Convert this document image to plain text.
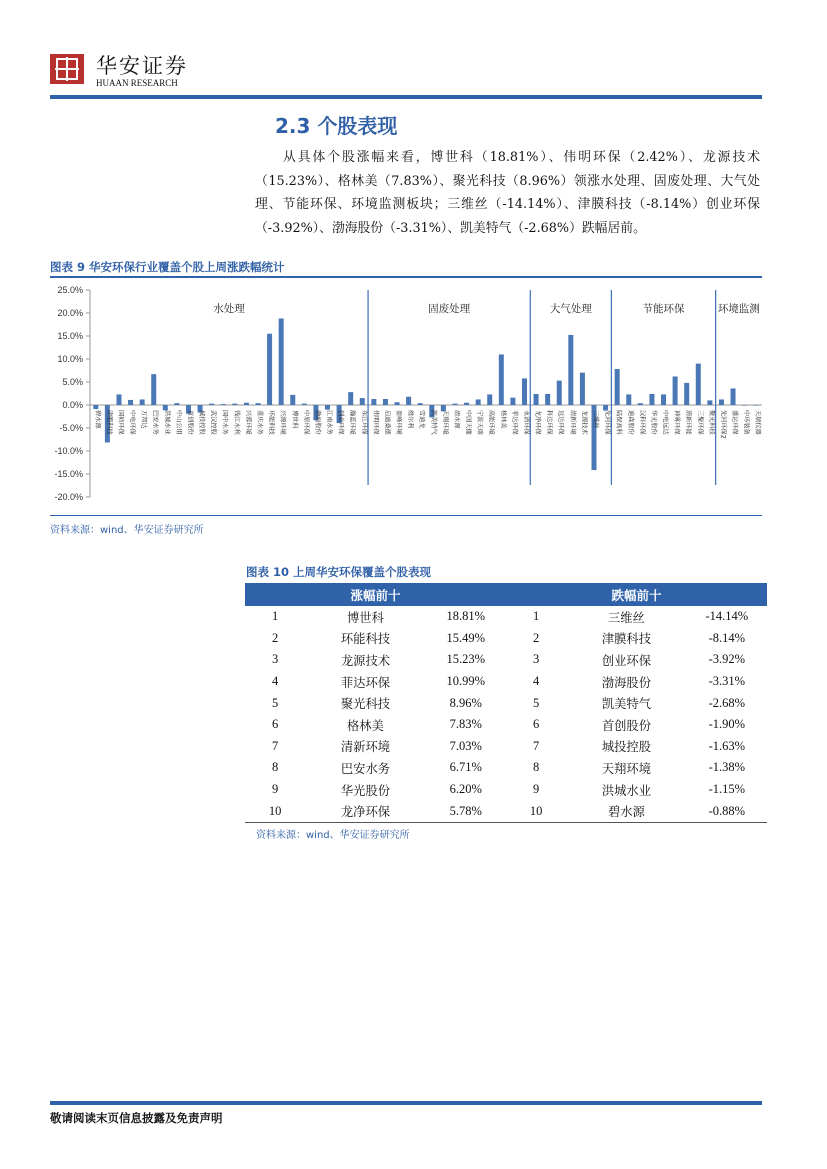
华安证券
HUAAN RESEARCH
2.3 个股表现
从具体个股涨幅来看，博世科（18.81%）、伟明环保（2.42%）、龙源技术（15.23%）、格林美（7.83%）、聚光科技（8.96%）领涨水处理、固废处理、大气处理、节能环保、环境监测板块；三维丝（-14.14%）、津膜科技（-8.14%）创业环保（-3.92%）、渤海股份（-3.31%）、凯美特气（-2.68%）跌幅居前。
图表 9 华安环保行业覆盖个股上周涨跌幅统计
-20.0%
-15.0%
-10.0%
-5.0%
0.0%
5.0%
10.0%
15.0%
20.0%
25.0%
碧水源 津膜科技 国祯环保 中电环保 万邦达 巴安水务 洪城水业 中山公用 首创股份 城投控股 武汉控股 国中水务 钱江水利 兴蓉环境 重庆水务 环能科技 兴源环境 博世科 中原环保 渤海股份 江南水务 创业环保 瀚蓝环境 东江环保 伟明环保 启迪桑德 盈峰环境 维尔利 雪迪龙 凯美特气 天翔环境 清水源 中国天楹 宁波天瑞 高能环境 格林美 菲达环保 永清环保 龙净环保 科达环保 远达环保 清新环境 龙源技术 三维丝 先河环保 陆保高科 迪森股份 汉科环保 华光股份 中电远达 神雾环保 清新环能 三聚环保 聚光科技 先河环保2 盛运环保 中环装备 天瑞仪器
水处理	固废处理	大气处理	节能环保	环境监测
资料来源：wind、华安证券研究所
图表 10 上周华安环保覆盖个股表现
涨幅前十			跌幅前十		
1	博世科	18.81%	1	三维丝	-14.14%
2	环能科技	15.49%	2	津膜科技	-8.14%
3	龙源技术	15.23%	3	创业环保	-3.92%
4	菲达环保	10.99%	4	渤海股份	-3.31%
5	聚光科技	8.96%	5	凯美特气	-2.68%
6	格林美	7.83%	6	首创股份	-1.90%
7	清新环境	7.03%	7	城投控股	-1.63%
8	巴安水务	6.71%	8	天翔环境	-1.38%
9	华光股份	6.20%	9	洪城水业	-1.15%
10	龙净环保	5.78%	10	碧水源	-0.88%
资料来源：wind、华安证券研究所
敬请阅读末页信息披露及免责声明
